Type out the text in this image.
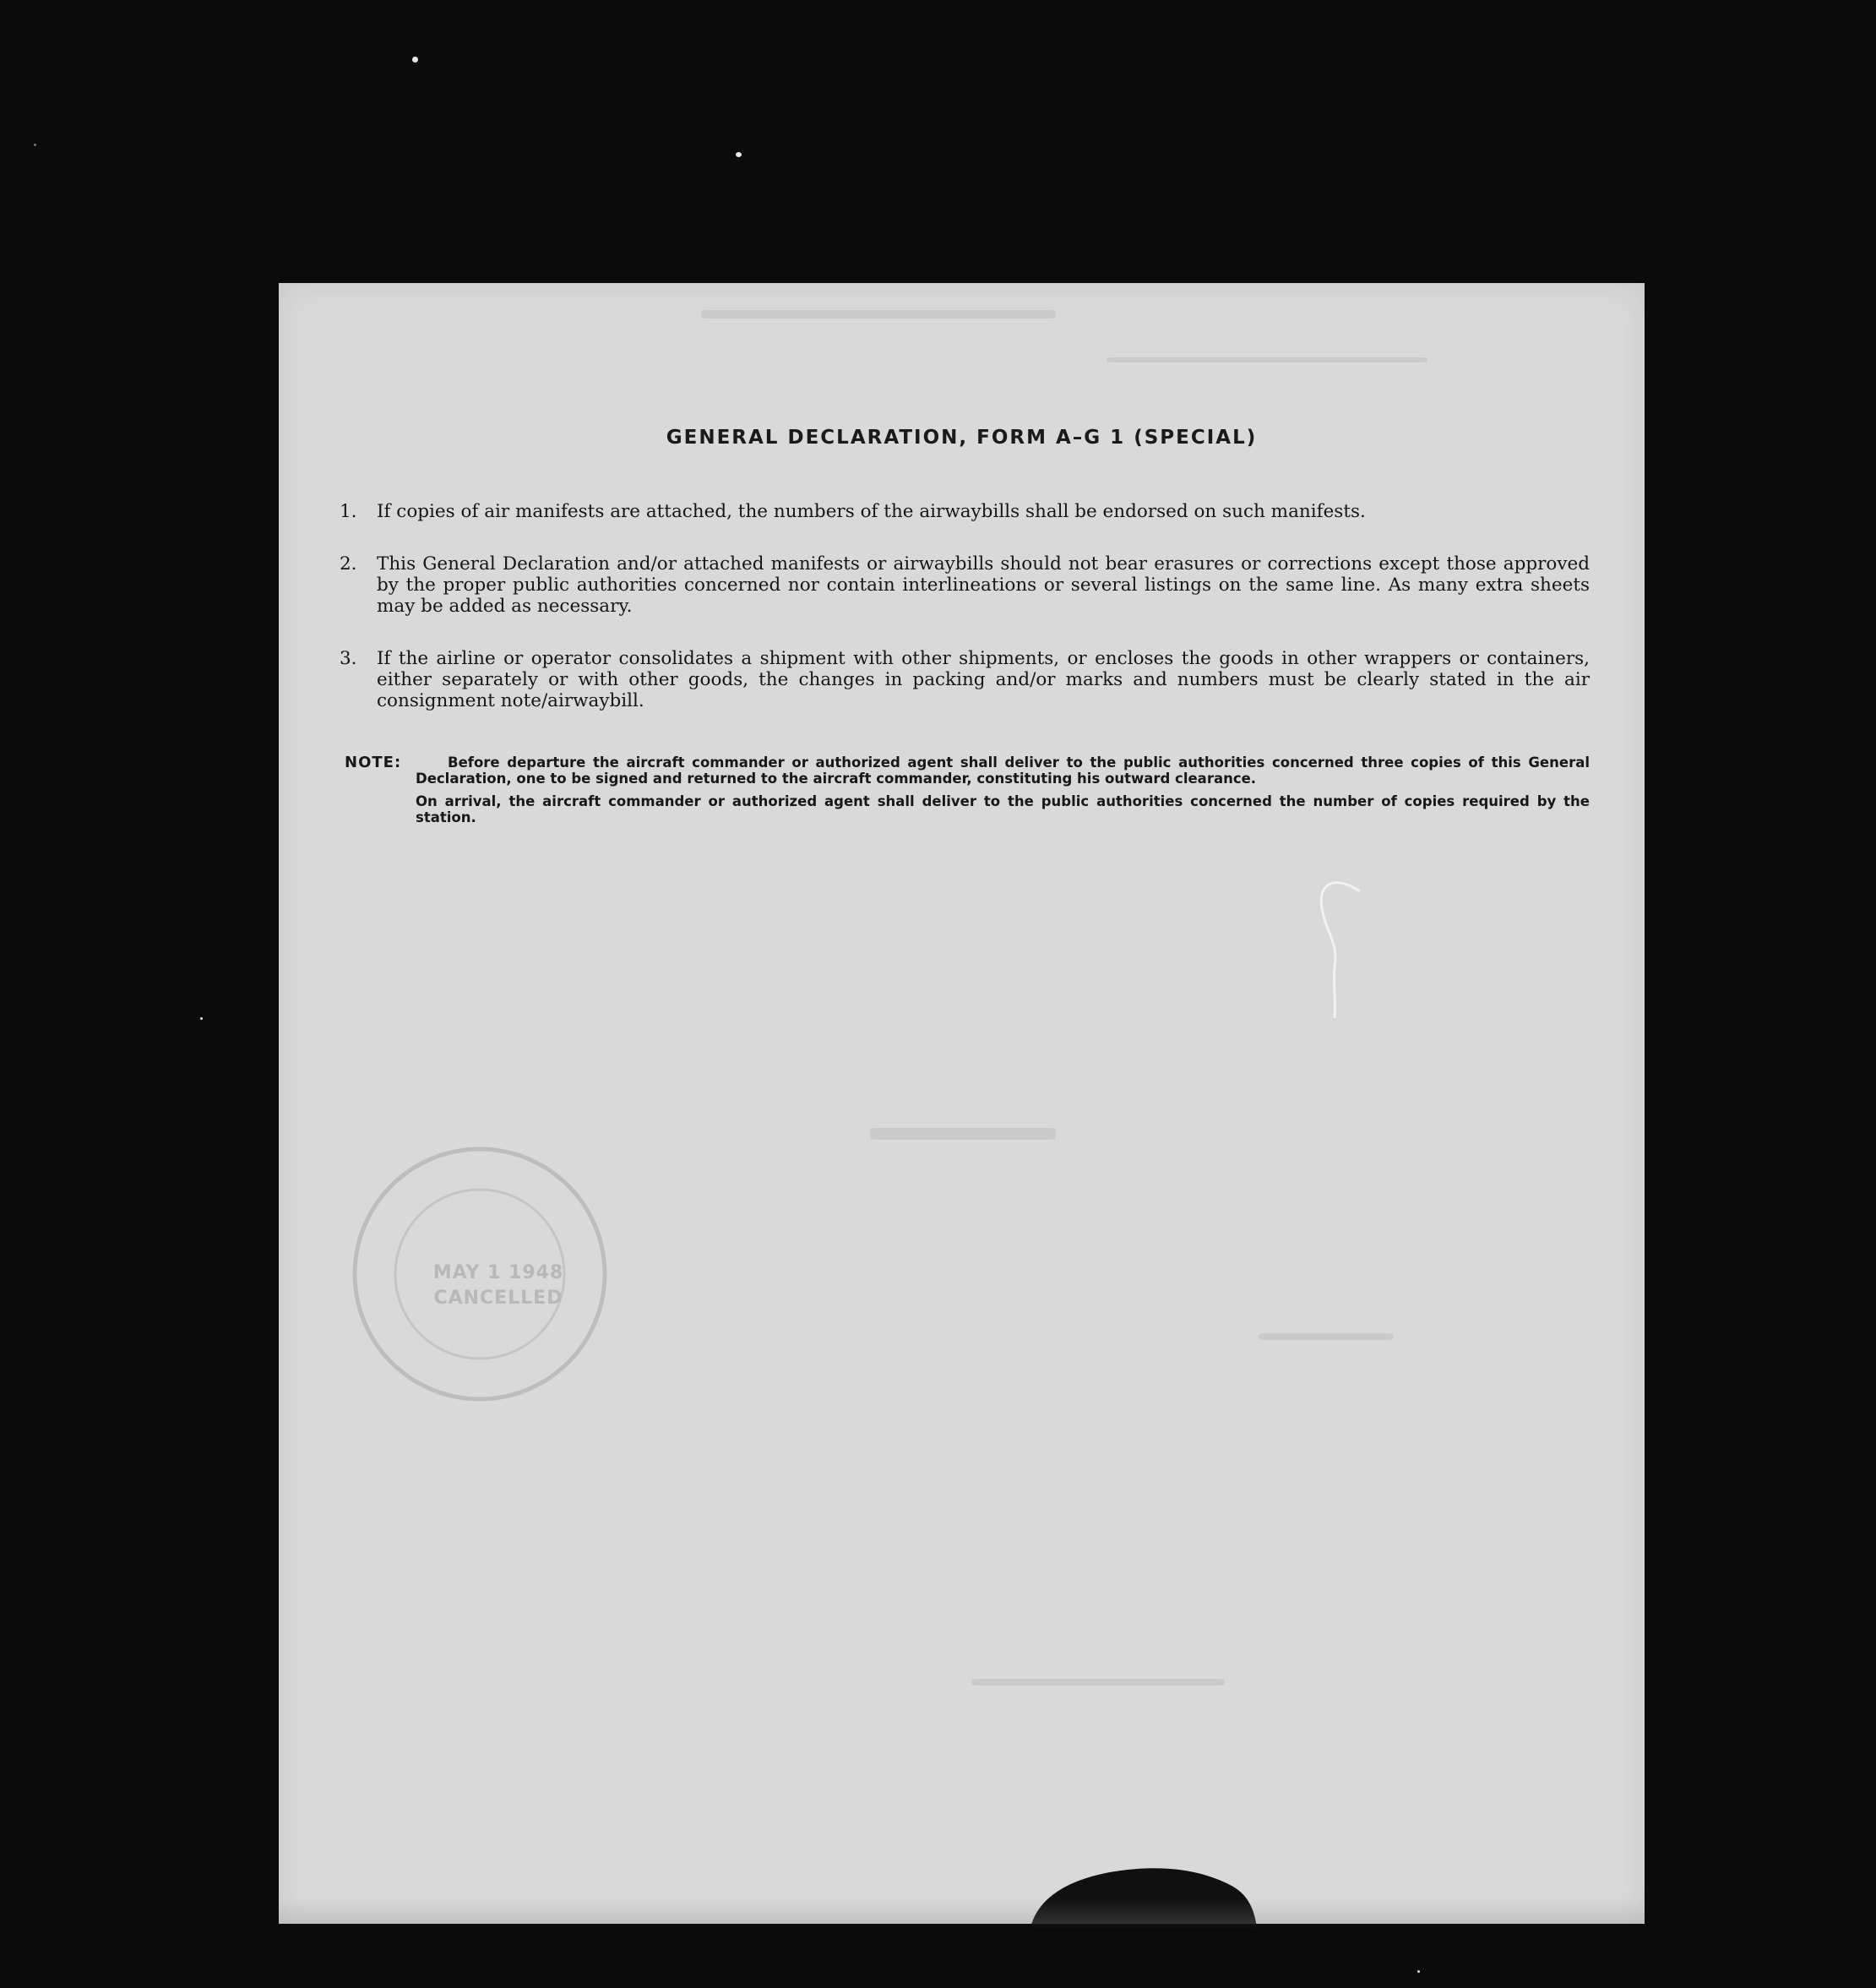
GENERAL DECLARATION, FORM A–G 1 (SPECIAL)
1.	If copies of air manifests are attached, the numbers of the airwaybills shall be endorsed on such manifests.
2.	This General Declaration and/or attached manifests or airwaybills should not bear erasures or corrections except those approved by the proper public authorities concerned nor contain interlineations or several listings on the same line. As many extra sheets may be added as necessary.
3.	If the airline or operator consolidates a shipment with other shipments, or encloses the goods in other wrappers or containers, either separately or with other goods, the changes in packing and/or marks and numbers must be clearly stated in the air consignment note/airwaybill.
NOTE:	Before departure the aircraft commander or authorized agent shall deliver to the public authorities concerned three copies of this General Declaration, one to be signed and returned to the aircraft commander, constituting his outward clearance.
On arrival, the aircraft commander or authorized agent shall deliver to the public authorities concerned the number of copies required by the station.
MAY 1 1948
CANCELLED
